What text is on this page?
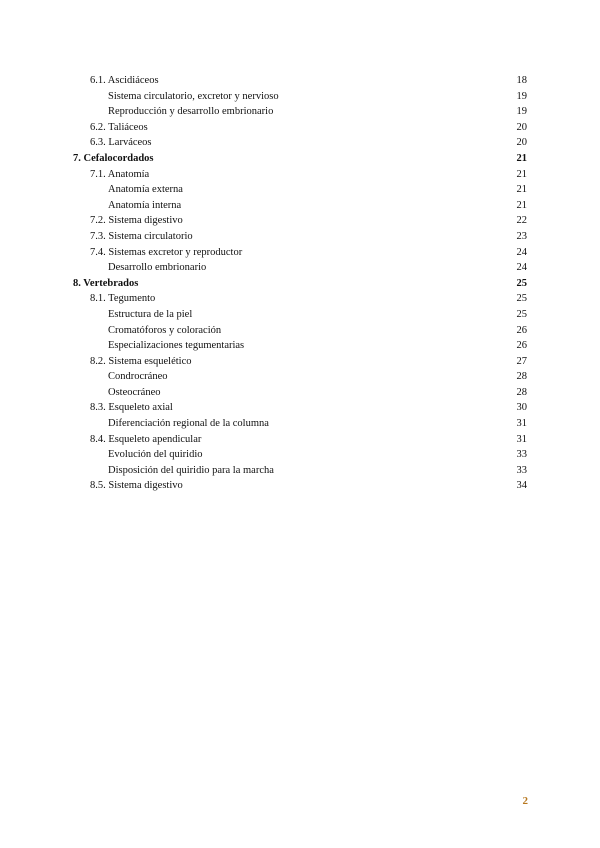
6.1. Ascidiáceos	18
Sistema circulatorio, excretor y nervioso	19
Reproducción y desarrollo embrionario	19
6.2. Taliáceos	20
6.3. Larváceos	20
7. Cefalocordados	21
7.1. Anatomía	21
Anatomía externa	21
Anatomía interna	21
7.2. Sistema digestivo	22
7.3. Sistema circulatorio	23
7.4. Sistemas excretor y reproductor	24
Desarrollo embrionario	24
8. Vertebrados	25
8.1. Tegumento	25
Estructura de la piel	25
Cromatóforos y coloración	26
Especializaciones tegumentarias	26
8.2. Sistema esquelético	27
Condrocráneo	28
Osteocráneo	28
8.3. Esqueleto axial	30
Diferenciación regional de la columna	31
8.4. Esqueleto apendicular	31
Evolución del quiridio	33
Disposición del quiridio para la marcha	33
8.5. Sistema digestivo	34
2
